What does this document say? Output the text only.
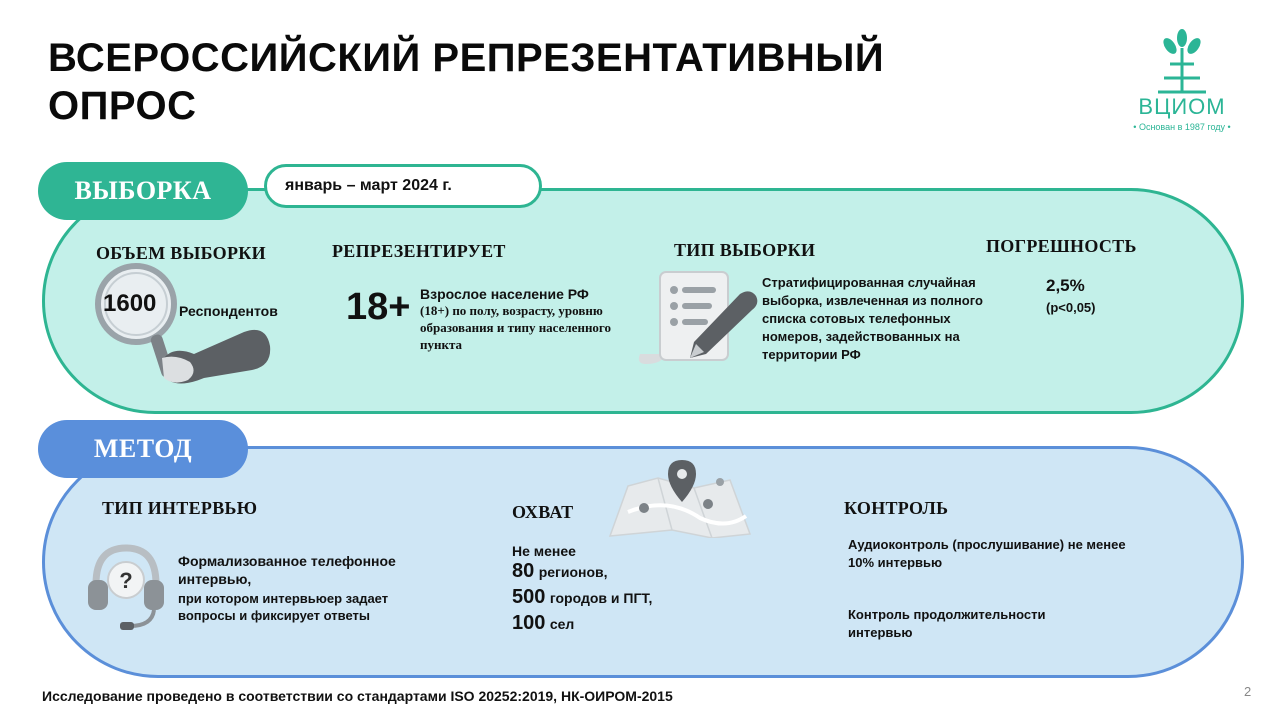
ВСЕРОССИЙСКИЙ РЕПРЕЗЕНТАТИВНЫЙ ОПРОС	ВЦИОМ
• Основан в 1987 году •
ВЫБОРКА	январь – март 2024 г.
ОБЪЕМ ВЫБОРКИ
1600 Респондентов
РЕПРЕЗЕНТИРУЕТ
18+ Взрослое население РФ
(18+) по полу, возрасту, уровню образования и типу населенного пункта
ТИП ВЫБОРКИ
Стратифицированная случайная выборка, извлеченная из полного списка сотовых телефонных номеров, задействованных на территории РФ
ПОГРЕШНОСТЬ
2,5%
(p<0,05)
МЕТОД
ТИП ИНТЕРВЬЮ
?
Формализованное телефонное интервью,
при котором интервьюер задает вопросы и фиксирует ответы
ОХВАТ
Не менее
80 регионов,
500 городов и ПГТ,
100 сел
КОНТРОЛЬ
Аудиоконтроль (прослушивание) не менее 10% интервью
Контроль продолжительности интервью
Исследование проведено в соответствии со стандартами ISO 20252:2019, НК-ОИРОМ-2015	2
